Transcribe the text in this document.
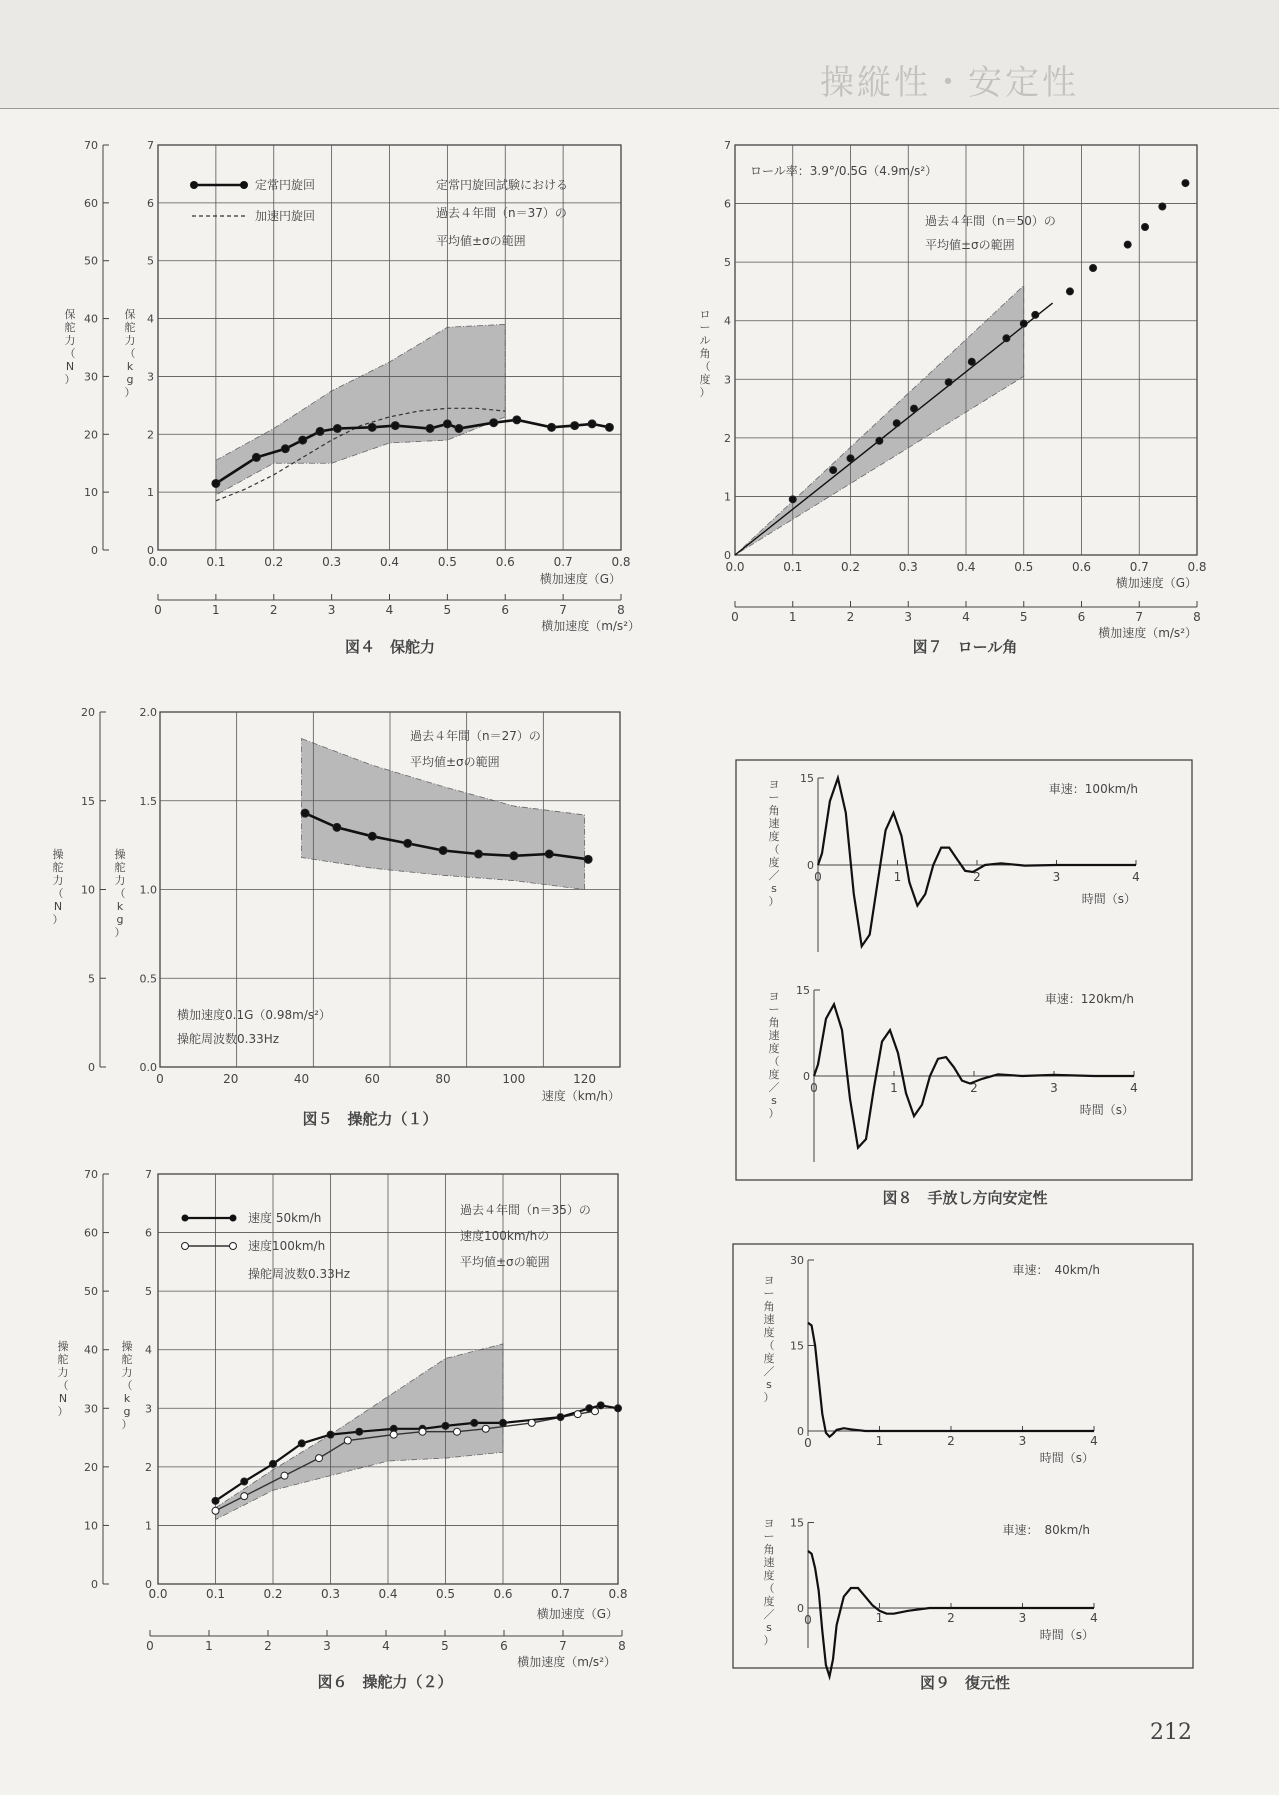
操縦性・安定性
0
10
20
30
40
50
60
70
0
1
2
3
4
5
6
7
保舵力（ N ）
保舵力（ k g ）
0.0	0.1	0.2	0.3	0.4	0.5	0.6	0.7	0.8
横加速度（G）
0	1	2	3	4	5	6	7	8
横加速度（m/s²）
図４　保舵力
定常円旋回
加速円旋回
定常円旋回試験における
過去４年間（n＝37）の
平均値±σの範囲
0
1
2
3
4
5
6
7
ロール角（度）
0.0	0.1	0.2	0.3	0.4	0.5	0.6	0.7	0.8
横加速度（G）
0	1	2	3	4	5	6	7	8
横加速度（m/s²）
図７　ロール角
ロール率：3.9°/0.5G（4.9m/s²）
過去４年間（n＝50）の
平均値±σの範囲
0
5
10
15
20
0.0
0.5
1.0
1.5
2.0
操舵力（ N ）
操舵力（ k g ）
0	20	40	60	80	100	120
速度（km/h）
図５　操舵力（１）
過去４年間（n＝27）の
平均値±σの範囲
横加速度0.1G（0.98m/s²）
操舵周波数0.33Hz
0
10
20
30
40
50
60
70
0
1
2
3
4
5
6
7
操舵力（ N ）
操舵力（ k g ）
0.0	0.1	0.2	0.3	0.4	0.5	0.6	0.7	0.8
横加速度（G）
0	1	2	3	4	5	6	7	8
横加速度（m/s²）
図６　操舵力（２）
速度 50km/h
速度100km/h
操舵周波数0.33Hz
過去４年間（n＝35）の
速度100km/hの
平均値±σの範囲
15
0
0	1	2	3	4
時間（s）
車速：100km/h
ヨー角速度（度／ s ）
15
0
0	1	2	3	4
時間（s）
車速：120km/h
ヨー角速度（度／ s ）
図８　手放し方向安定性
0
15
30
0	1	2	3	4
時間（s）
車速：　40km/h
ヨー角速度（度／ s ）
0
15
0	1	2	3	4
時間（s）
車速：　80km/h
ヨー角速度（度／ s ）
図９　復元性
212
